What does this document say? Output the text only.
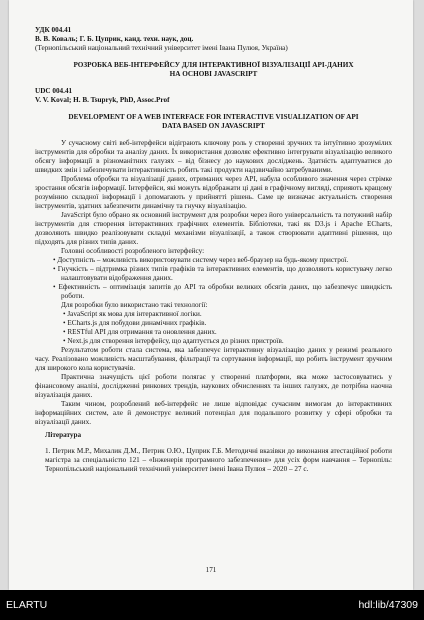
УДК 004.41

В. В. Коваль; Г. Б. Цуприк, канд. техн. наук, доц.

(Тернопільський національний технічний університет імені Івана Пулюя, Україна)

РОЗРОБКА ВЕБ-ІНТЕРФЕЙСУ ДЛЯ ІНТЕРАКТИВНОЇ ВІЗУАЛІЗАЦІЇ API-ДАНИХ

НА ОСНОВІ JAVASCRIPT

UDC 004.41

V. V. Koval; H. B. Tsupryk, PhD, Assoc.Prof

DEVELOPMENT OF A WEB INTERFACE FOR INTERACTIVE VISUALIZATION OF API

DATA BASED ON JAVASCRIPT

У сучасному світі веб-інтерфейси відіграють ключову роль у створенні зручних та інтуїтивно зрозумілих інструментів для обробки та аналізу даних. Їх використання дозволяє ефективно інтегрувати візуалізацію великого обсягу інформації в різноманітних галузях – від бізнесу до наукових досліджень. Здатність адаптуватися до швидких змін і забезпечувати інтерактивність робить такі продукти надзвичайно затребуваними.

Проблема обробки та візуалізації даних, отриманих через API, набула особливого значення через стрімке зростання обсягів інформації. Інтерфейси, які можуть відображати ці дані в графічному вигляді, сприяють кращому розумінню складної інформації і допомагають у прийнятті рішень. Саме це визначає актуальність створення інструментів, здатних забезпечити динамічну та гнучку візуалізацію.

JavaScript було обрано як основний інструмент для розробки через його універсальність та потужний набір інструментів для створення інтерактивних графічних елементів. Бібліотеки, такі як D3.js і Apache ECharts, дозволяють швидко реалізовувати складні механізми візуалізації, а також створювати адаптивні рішення, що підходять для різних типів даних.

Головні особливості розробленого інтерфейсу:

• Доступність – можливість використовувати систему через веб-браузер на будь-якому пристрої.
• Гнучкість – підтримка різних типів графіків та інтерактивних елементів, що дозволяють користувачу легко налаштовувати відображення даних.
• Ефективність – оптимізація запитів до API та обробки великих обсягів даних, що забезпечує швидкість роботи.

Для розробки було використано такі технології:

• JavaScript як мова для інтерактивної логіки.
• ECharts.js для побудови динамічних графіків.
• RESTful API для отримання та оновлення даних.
• Next.js для створення інтерфейсу, що адаптується до різних пристроїв.

Результатом роботи стала система, яка забезпечує інтерактивну візуалізацію даних у режимі реального часу. Реалізовано можливість масштабування, фільтрації та сортування інформації, що робить інструмент зручним для широкого кола користувачів.

Практична значущість цієї роботи полягає у створенні платформи, яка може застосовуватись у фінансовому аналізі, дослідженні ринкових трендів, наукових обчисленнях та інших галузях, де потрібна наочна візуалізація даних.

Таким чином, розроблений веб-інтерфейс не лише відповідає сучасним вимогам до інтерактивних інформаційних систем, але й демонструє великий потенціал для подальшого розвитку у сфері обробки та візуалізації даних.

Література

1. Петрик М.Р., Михалик Д.М., Петрик О.Ю., Цуприк Г.Б. Методичні вказівки до виконання атестаційної роботи магістра за спеціальністю 121 – «Інженерія програмного забезпечення» для усіх форм навчання – Тернопіль: Тернопільський національний технічний університет імені Івана Пулюя – 2020 – 27 с.

171
ELARTU	hdl:lib/47309
